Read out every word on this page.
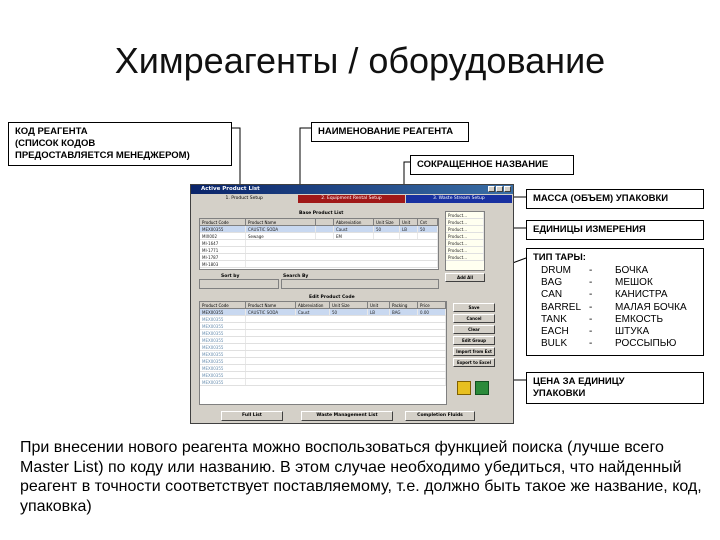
Химреагенты / оборудование
КОД РЕАГЕНТА
(СПИСОК КОДОВ
ПРЕДОСТАВЛЯЕТСЯ МЕНЕДЖЕРОМ)
НАИМЕНОВАНИЕ РЕАГЕНТА
СОКРАЩЕННОЕ НАЗВАНИЕ
МАССА (ОБЪЕМ) УПАКОВКИ
ЕДИНИЦЫ ИЗМЕРЕНИЯ
ТИП ТАРЫ:
DRUM	-	БОЧКА
BAG	-	МЕШОК
CAN	-	КАНИСТРА
BARREL -	МАЛАЯ БОЧКА
TANK	-	ЕМКОСТЬ
EACH	-	ШТУКА
BULK	-	РОССЫПЬЮ
ЦЕНА ЗА ЕДИНИЦУ
УПАКОВКИ
Active Product List
1. Product Setup	2. Equipment Rental Setup	3. Waste Stream Setup
Base Product List
Product Code	Product Name	Abbreviation	Unit Size	Unit	Cnt
MEX00355	CAUSTIC SODA	Caust	50	LB	50
MIX002	Sewage	EM
MI-1647
MI-1771
MI-1787
MI-1803
Product...
Product...
Product...
Product...
Product...
Product...
Product...
Add All
Sort by	Search By
Edit Product Code
Product Code	Product Name	Abbreviation	Unit Size	Unit	Packing	Price
MEX00355	CAUSTIC SODA	Caust	50	LB	BAG	0.00
MEX00355
MEX00355
MEX00355
MEX00355
MEX00355
MEX00355
MEX00355
MEX00355
MEX00355
MEX00355
Save
Cancel
Clear
Edit Group
Import from Ext
Export to Excel
Full List	Waste Management List	Completion Fluids
При внесении нового реагента можно воспользоваться функцией поиска (лучше всего Master List) по коду или названию. В этом случае необходимо убедиться, что найденный реагент в точности соответствует поставляемому, т.е. должно быть такое же название, код, упаковка)
